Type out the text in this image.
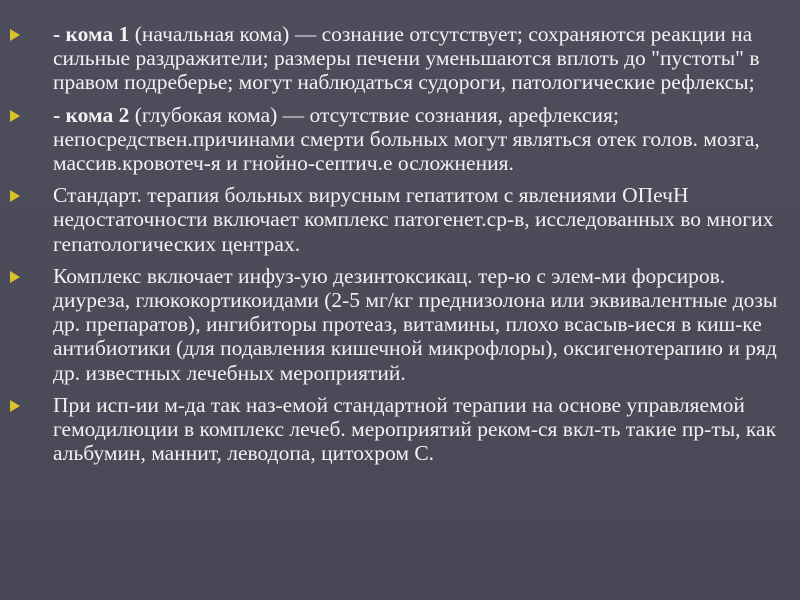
- кома 1 (начальная кома) — сознание отсутствует; сохраняются реакции на сильные раздражители; размеры печени уменьшаются вплоть до "пустоты" в правом подреберье; могут наблюдаться судороги, патологические рефлексы;
- кома 2 (глубокая кома) — отсутствие сознания, арефлексия; непосредствен.причинами смерти больных могут являться отек голов. мозга, массив.кровотеч-я и гнойно-септич.е осложнения.
Стандарт. терапия больных вирусным гепатитом с явлениями ОПечН недостаточности включает комплекс патогенет.ср-в, исследованных во многих гепатологических центрах.
Комплекс включает инфуз-ую дезинтоксикац. тер-ю с элем-ми форсиров. диуреза, глюкокортикоидами (2-5 мг/кг преднизолона или эквивалентные дозы др. препаратов), ингибиторы протеаз, витамины, плохо всасыв-иеся в киш-ке антибиотики (для подавления кишечной микрофлоры), оксигенотерапию и ряд др. известных лечебных мероприятий.
При исп-ии м-да так наз-емой стандартной терапии на основе управляемой гемодилюции в комплекс лечеб. мероприятий реком-ся вкл-ть такие пр-ты, как альбумин, маннит, леводопа, цитохром С.
